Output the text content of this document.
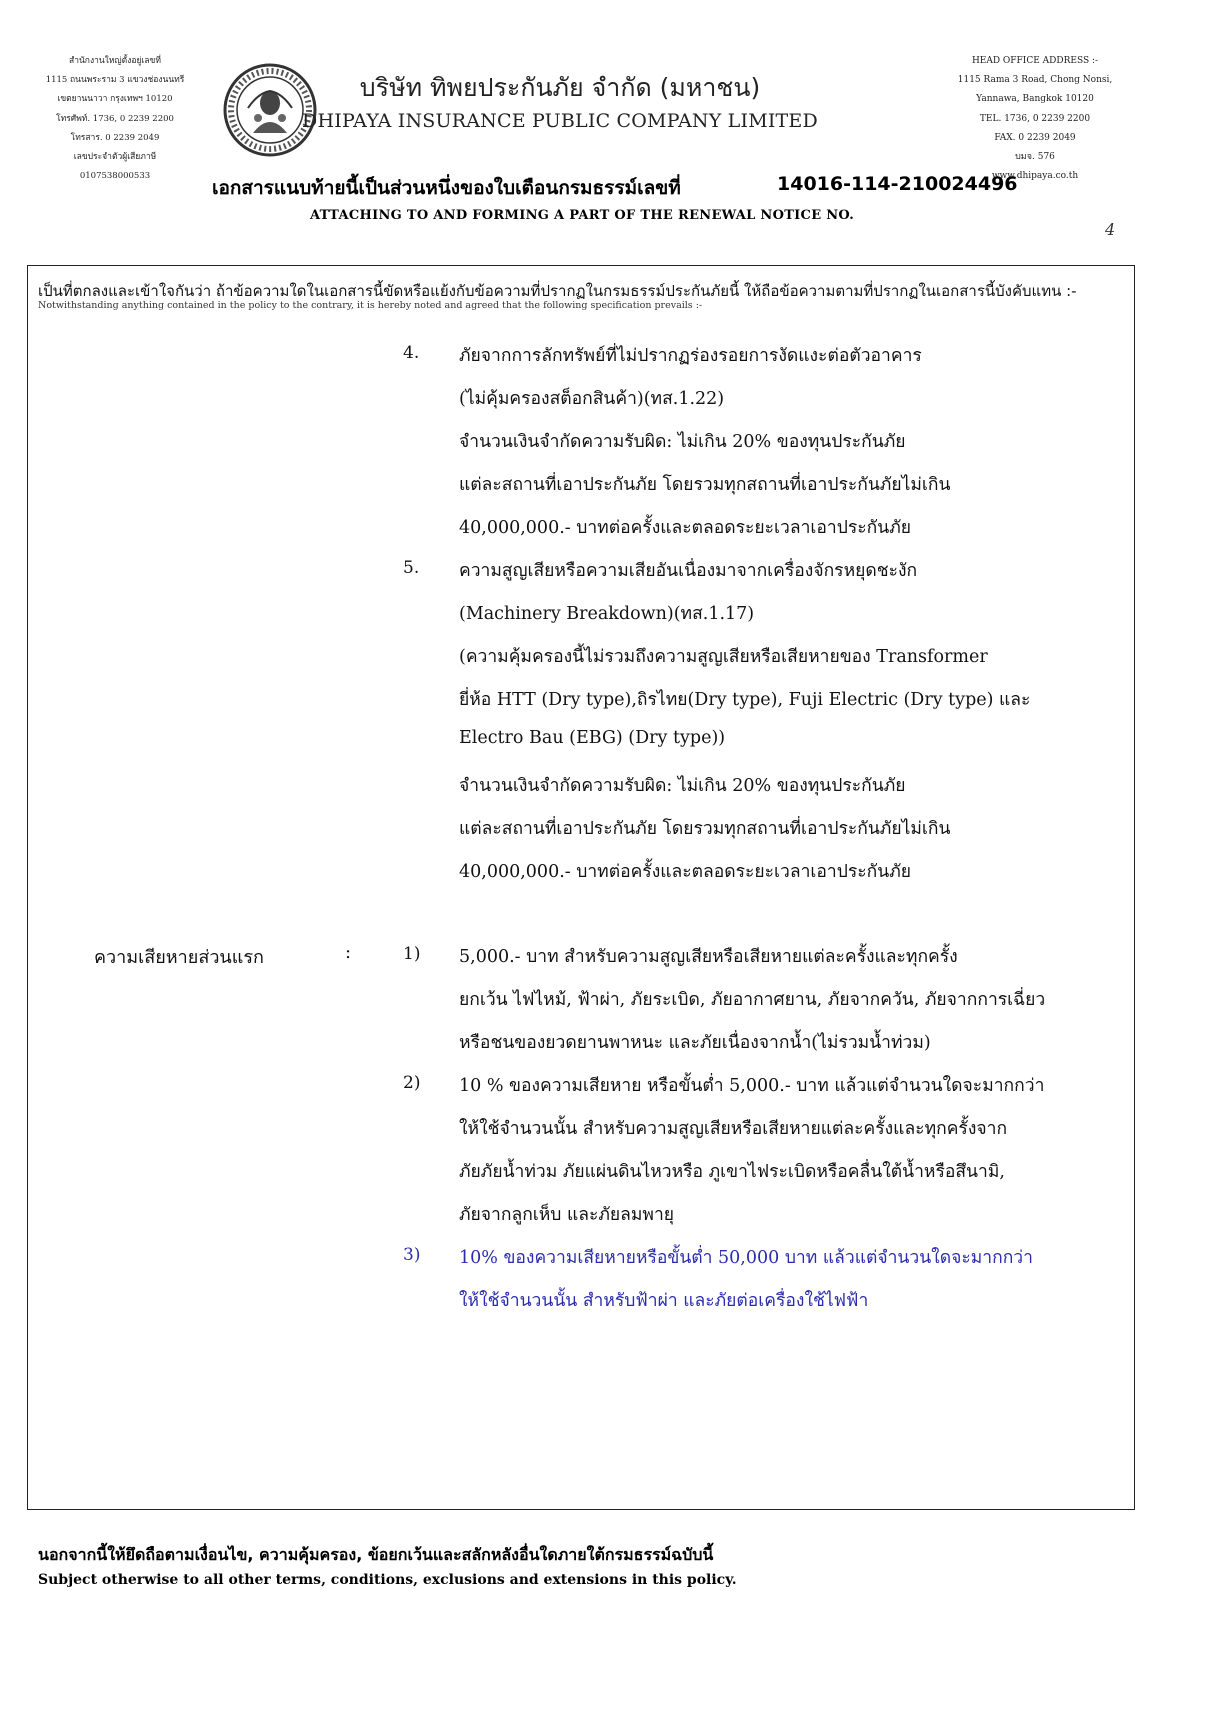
สำนักงานใหญ่ตั้งอยู่เลขที่
1115 ถนนพระราม 3 แขวงช่องนนทรี
เขตยานนาวา กรุงเทพฯ 10120
โทรศัพท์. 1736, 0 2239 2200
โทรสาร. 0 2239 2049
เลขประจำตัวผู้เสียภาษี
0107538000533
บริษัท ทิพยประกันภัย จำกัด (มหาชน)
DHIPAYA INSURANCE PUBLIC COMPANY LIMITED
HEAD OFFICE ADDRESS :-
1115 Rama 3 Road, Chong Nonsi,
Yannawa, Bangkok 10120
TEL. 1736, 0 2239 2200
FAX. 0 2239 2049
บมจ. 576
www.dhipaya.co.th
เอกสารแนบท้ายนี้เป็นส่วนหนึ่งของใบเตือนกรมธรรม์เลขที่	14016-114-210024496
ATTACHING TO AND FORMING A PART OF THE RENEWAL NOTICE NO.
4
เป็นที่ตกลงและเข้าใจกันว่า ถ้าข้อความใดในเอกสารนี้ขัดหรือแย้งกับข้อความที่ปรากฏในกรมธรรม์ประกันภัยนี้ ให้ถือข้อความตามที่ปรากฏในเอกสารนี้บังคับแทน :-
Notwithstanding anything contained in the policy to the contrary, it is hereby noted and agreed that the following specification prevails :-
4. ภัยจากการลักทรัพย์ที่ไม่ปรากฏร่องรอยการงัดแงะต่อตัวอาคาร
(ไม่คุ้มครองสต็อกสินค้า)(ทส.1.22)
จำนวนเงินจำกัดความรับผิด: ไม่เกิน 20% ของทุนประกันภัย
แต่ละสถานที่เอาประกันภัย โดยรวมทุกสถานที่เอาประกันภัยไม่เกิน
40,000,000.- บาทต่อครั้งและตลอดระยะเวลาเอาประกันภัย
5. ความสูญเสียหรือความเสียอันเนื่องมาจากเครื่องจักรหยุดชะงัก
(Machinery Breakdown)(ทส.1.17)
(ความคุ้มครองนี้ไม่รวมถึงความสูญเสียหรือเสียหายของ Transformer
ยี่ห้อ HTT (Dry type),ถิรไทย(Dry type), Fuji Electric (Dry type) และ
Electro Bau (EBG) (Dry type))
จำนวนเงินจำกัดความรับผิด: ไม่เกิน 20% ของทุนประกันภัย
แต่ละสถานที่เอาประกันภัย โดยรวมทุกสถานที่เอาประกันภัยไม่เกิน
40,000,000.- บาทต่อครั้งและตลอดระยะเวลาเอาประกันภัย
ความเสียหายส่วนแรก	:	1) 5,000.- บาท สำหรับความสูญเสียหรือเสียหายแต่ละครั้งและทุกครั้ง
ยกเว้น ไฟไหม้, ฟ้าผ่า, ภัยระเบิด, ภัยอากาศยาน, ภัยจากควัน, ภัยจากการเฉี่ยว
หรือชนของยวดยานพาหนะ และภัยเนื่องจากน้ำ(ไม่รวมน้ำท่วม)
2) 10 % ของความเสียหาย หรือขั้นต่ำ 5,000.- บาท แล้วแต่จำนวนใดจะมากกว่า
ให้ใช้จำนวนนั้น สำหรับความสูญเสียหรือเสียหายแต่ละครั้งและทุกครั้งจาก
ภัยภัยน้ำท่วม ภัยแผ่นดินไหวหรือ ภูเขาไฟระเบิดหรือคลื่นใต้น้ำหรือสึนามิ,
ภัยจากลูกเห็บ และภัยลมพายุ
3) 10% ของความเสียหายหรือขั้นต่ำ 50,000 บาท แล้วแต่จำนวนใดจะมากกว่า
ให้ใช้จำนวนนั้น สำหรับฟ้าผ่า และภัยต่อเครื่องใช้ไฟฟ้า
นอกจากนี้ให้ยึดถือตามเงื่อนไข, ความคุ้มครอง, ข้อยกเว้นและสลักหลังอื่นใดภายใต้กรมธรรม์ฉบับนี้
Subject otherwise to all other terms, conditions, exclusions and extensions in this policy.
